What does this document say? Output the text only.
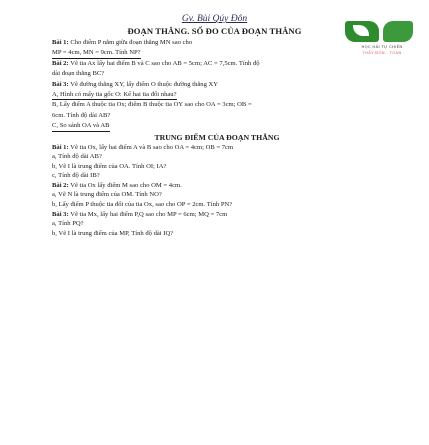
Gv. Bùi Qúy Đôn
ĐOẠN THẲNG. SỐ ĐO CỦA ĐOẠN THẲNG
HỌC HẢI TỰ CHIẾN
THẦY ĐÔN - TOÁN
Bài 1: Cho điểm P nằm giữa đoạn thẳng MN sao cho
MP = 4cm, MN = 9cm. Tính NP?
Bài 2: Vẽ tia Ax lấy hai điểm B và C sao cho AB = 5cm; AC = 7,5cm. Tính độ
dài đoạn thẳng BC?
Bài 3: Vẽ đường thẳng XY, lấy điểm O thuộc đường thẳng XY
A, Hình có mấy tia gốc O: Kể hai tia đối nhau?
B, Lấy điểm A thuộc tia Ox; điểm B thuộc tia OY sao cho OA = 3cm; OB =
6cm. Tính độ dài AB?
C, So sánh OA và AB
TRUNG ĐIỂM CỦA ĐOẠN THẲNG
Bài 1: Vẽ tia Ox, lấy hai điểm A và B sao cho OA = 4cm; OB = 7cm
a, Tính độ dài AB?
b, Vẽ I là trung điểm của OA. Tính OI; IA?
c, Tính độ dài IB?
Bài 2: Vẽ tia Ox lấy điểm M sao cho OM = 4cm.
a, Vẽ N là trung điểm của OM. Tính NO?
b, Lấy điểm P thuộc tia đối của tia Ox, sao cho OP = 2cm. Tính PN?
Bài 3: Vẽ tia Mx, lấy hai điểm P,Q sao cho MP = 6cm; MQ = 7cm
a, Tính PQ?
b, Vẽ I là trung điểm của MP, Tính độ dài IQ?
